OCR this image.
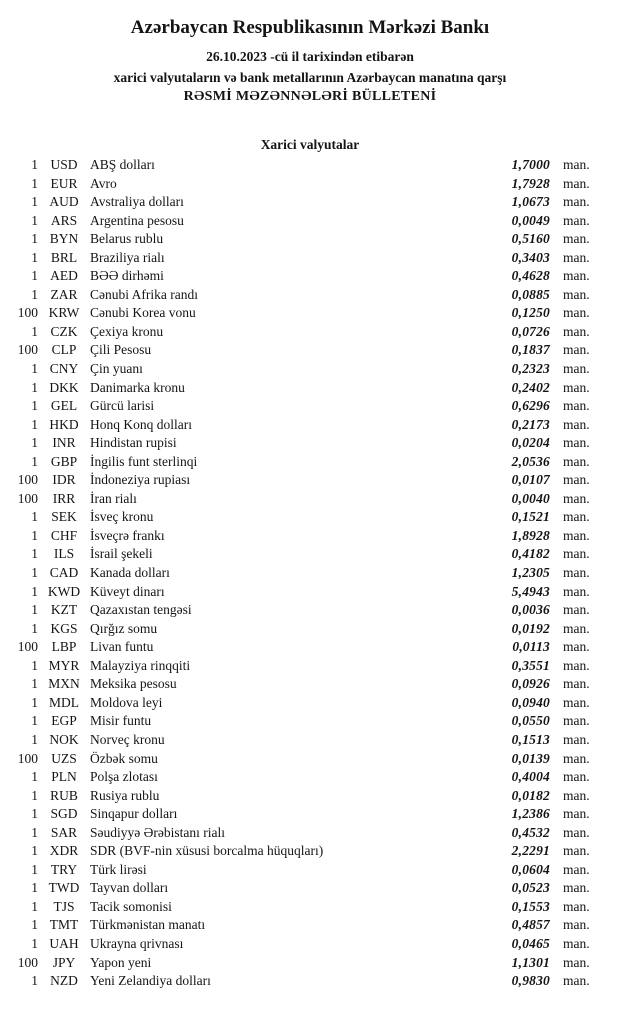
Azərbaycan Respublikasının Mərkəzi Bankı
26.10.2023 -cü il tarixindən etibarən
xarici valyutaların və bank metallarının Azərbaycan manatına qarşı
RƏSMİ MƏZƏNNƏLƏRİ BÜLLETENİ
Xarici valyutalar
1 USD ABŞ dolları	1,7000 man.
1 EUR Avro	1,7928 man.
1 AUD Avstraliya dolları	1,0673 man.
1 ARS Argentina pesosu	0,0049 man.
1 BYN Belarus rublu	0,5160 man.
1 BRL Braziliya rialı	0,3403 man.
1 AED BƏƏ dirhəmi	0,4628 man.
1 ZAR Cənubi Afrika randı	0,0885 man.
100 KRW Cənubi Korea vonu	0,1250 man.
1 CZK Çexiya kronu	0,0726 man.
100	CLP	Çili Pesosu	0,1837 man.
1 CNY Çin yuanı	0,2323 man.
1 DKK Danimarka kronu	0,2402 man.
1 GEL Gürcü larisi	0,6296 man.
1 HKD Honq Konq dolları	0,2173 man.
1	INR	Hindistan rupisi	0,0204 man.
1 GBP İngilis funt sterlinqi	2,0536 man.
100	IDR	İndoneziya rupiası	0,0107 man.
100	IRR	İran rialı	0,0040 man.
1 SEK İsveç kronu	0,1521 man.
1 CHF İsveçrə frankı	1,8928 man.
1	ILS	İsrail şekeli	0,4182 man.
1 CAD Kanada dolları	1,2305 man.
1 KWD Küveyt dinarı	5,4943 man.
1 KZT Qazaxıstan tengəsi	0,0036 man.
1 KGS Qırğız somu	0,0192 man.
100	LBP	Livan funtu	0,0113 man.
1 MYR Malayziya rinqqiti	0,3551 man.
1 MXN Meksika pesosu	0,0926 man.
1 MDL Moldova leyi	0,0940 man.
1 EGP Misir funtu	0,0550 man.
1 NOK Norveç kronu	0,1513 man.
100 UZS Özbək somu	0,0139 man.
1 PLN Polşa zlotası	0,4004 man.
1 RUB Rusiya rublu	0,0182 man.
1 SGD Sinqapur dolları	1,2386 man.
1 SAR Səudiyyə Ərəbistanı rialı	0,4532 man.
1 XDR SDR (BVF-nin xüsusi borcalma hüquqları)	2,2291 man.
1 TRY Türk lirəsi	0,0604 man.
1 TWD Tayvan dolları	0,0523 man.
1	TJS	Tacik somonisi	0,1553 man.
1 TMT Türkmənistan manatı	0,4857 man.
1 UAH Ukrayna qrivnası	0,0465 man.
100	JPY	Yapon yeni	1,1301 man.
1 NZD Yeni Zelandiya dolları	0,9830 man.
